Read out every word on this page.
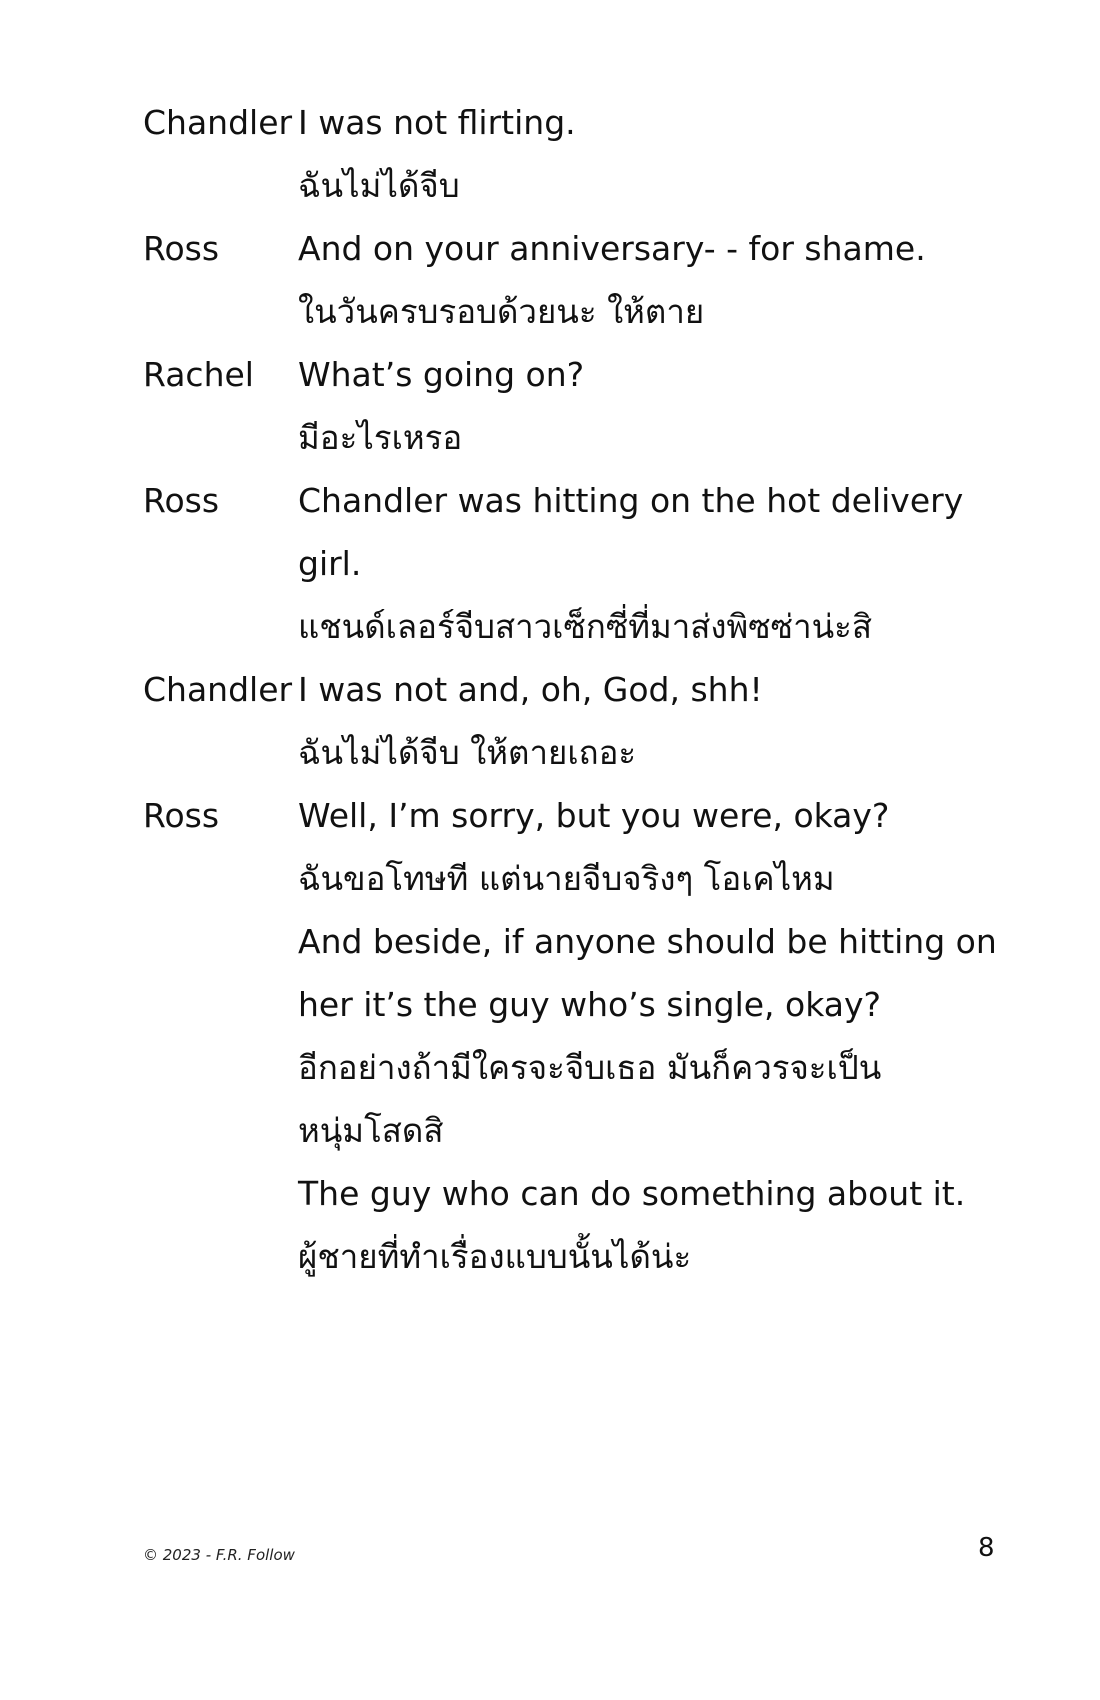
Chandler I was not flirting.
ฉันไม่ได้จีบ
Ross And on your anniversary- - for shame.
ในวันครบรอบด้วยนะ ให้ตาย
Rachel What’s going on?
มีอะไรเหรอ
Ross Chandler was hitting on the hot delivery
girl.
แชนด์เลอร์จีบสาวเซ็กซี่ที่มาส่งพิซซ่าน่ะสิ
Chandler I was not and, oh, God, shh!
ฉันไม่ได้จีบ ให้ตายเถอะ
Ross Well, I’m sorry, but you were, okay?
ฉันขอโทษที แต่นายจีบจริงๆ โอเคไหม
And beside, if anyone should be hitting on
her it’s the guy who’s single, okay?
อีกอย่างถ้ามีใครจะจีบเธอ มันก็ควรจะเป็น
หนุ่มโสดสิ
The guy who can do something about it.
ผู้ชายที่ทำเรื่องแบบนั้นได้น่ะ
© 2023 - F.R. Follow	8
